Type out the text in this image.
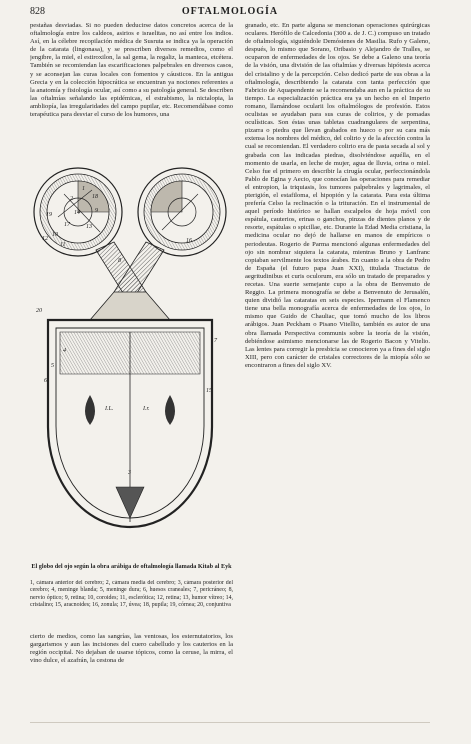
828	OFTALMOLOGÍA

pestañas desviadas. Si no pueden deducirse datos concretos acerca de la oftalmología entre los caldeos, asirios e israelitas, no así entre los indios. Así, en la célebre recopilación médica de Susruta se indica ya la operación de la catarata (lingonasa), y se prescriben diversos remedios, como el jengibre, la miel, el estiroxilon, la sal gema, la regaliz, la manteca, etcétera. También se recomiendan las escarificaciones palpebrales en diversos casos, y se aconsejan las curas locales con fomentos y cáusticos. En la antigua Grecia y en la colección hipocrática se encuentran ya nociones referentes a la anatomía y fisiología ocular, así como a su patología general. Se describen las oftalmías señalando las epidémicas, el estrabismo, la nictalopia, la ambliopía, las irregularidades del campo pupilar, etc. Recomendábase como terapéutica para desviar el curso de los humores, una

I.L.	I.r.
1
2
3
4
5
6
7
8
9
10
11
12
13
14
15
16
17
18
19
20
El globo del ojo según la obra arábiga de oftalmología llamada Kitab al Eyk
1, cámara anterior del cerebro; 2, cámara media del cerebro; 3, cámara posterior del cerebro; 4, meninge blanda; 5, meninge dura; 6, huesos craneales; 7, pericráneo; 8, nervio óptico; 9, retina; 10, coroides; 11, esclerótica; 12, retina; 13, humor vítreo; 14, cristalino; 15, aracnoides; 16, zonula; 17, úvea; 18, pupila; 19, córnea; 20, conjuntiva

cierto de medios, como las sangrías, las ventosas, los esternutatorios, los gargarismos y aun las incisiones del cuero cabelludo y los cauterios en la región occipital. No dejaban de usarse tópicos, como la ceruse, la mirra, el vino dulce, el azafrán, la cestona de

granado, etc. En parte alguna se mencionan operaciones quirúrgicas oculares. Herófilo de Calcedonia (300 a. de J. C.) compuso un tratado de oftalmología, siguiéndole Demóstenes de Masilia. Rufo y Galeno, después, lo mismo que Sorano, Oribasio y Alejandro de Tralles, se ocuparon de enfermedades de los ojos. Se debe a Galeno una teoría de la visión, una división de las oftalmías y diversas hipótesis acerca del cristalino y de la percepción. Celso dedicó parte de sus obras a la oftalmología, describiendo la catarata con tanta perfección que Fabricio de Aquapendente se la recomendaba aun en la práctica de su tiempo. La especialización práctica era ya un hecho en el Imperio romano, llamándose ocularii los oftalmólogos de profesión. Estos oculistas se ayudaban para sus curas de colirios, y de pomadas oculísticas. Son éstas unas tabletas cuadrangulares de serpentina, pizarra o piedra que llevan grabados en hueco o por su cara más extensa los nombres del médico, del colirio y de la afección contra la cual se recomiendan. El verdadero colirio era de pasta secada al sol y grabada con las indicadas piedras, disolviéndose aquélla, en el momento de usarla, en leche de mujer, agua de lluvia, orina o miel. Celso fue el primero en describir la cirugía ocular, perfeccionándola Pablo de Egina y Aecio, que conocían las operaciones para remediar el entropion, la triquiasis, los tumores palpebrales y lagrimales, el pterigión, el estafiloma, el hipopión y la catarata. Para esta última prefería Celso la reclinación o la trituración. En el instrumental de aquel período histórico se hallan escalpelos de hoja móvil con espátula, cauterios, erinas o ganchos, pinzas de dientes planos y de resorte, espátulas o spicillae, etc. Durante la Edad Media cristiana, la medicina ocular no dejó de hallarse en manos de empíricos o periodeutas. Rogerio de Parma mencionó algunas enfermedades del ojo sin nombrar siquiera la catarata, mientras Bruno y Lanfranc copiaban servilmente los textos árabes. En cuanto a la obra de Pedro de España (el futuro papa Juan XXI), titulada Tractatus de aegritudinibus et curis oculorum, era sólo un tratado de preparados y recetas. Una suerte semejante cupo a la obra de Benvenuto de Reggio. La primera monografía se debe a Benvenuto de Jerusalén, quien dividió las cataratas en seis especies. Ipermann el Flamenco tiene una bella monografía acerca de enfermedades de los ojos, lo mismo que Guido de Chauliac, que tomó mucho de los libros arábigos. Juan Peckham o Pisano Vitellio, también es autor de una obra llamada Perspectiva communis sobre la teoría de la visión, debiéndose asimismo mencionarse las de Rogerio Bacon y Vitelio. Las lentes para corregir la presbicia se conocieron ya a fines del siglo XIII, pero con carácter de cristales correctores de la miopía sólo se encontraron a fines del siglo XV.
